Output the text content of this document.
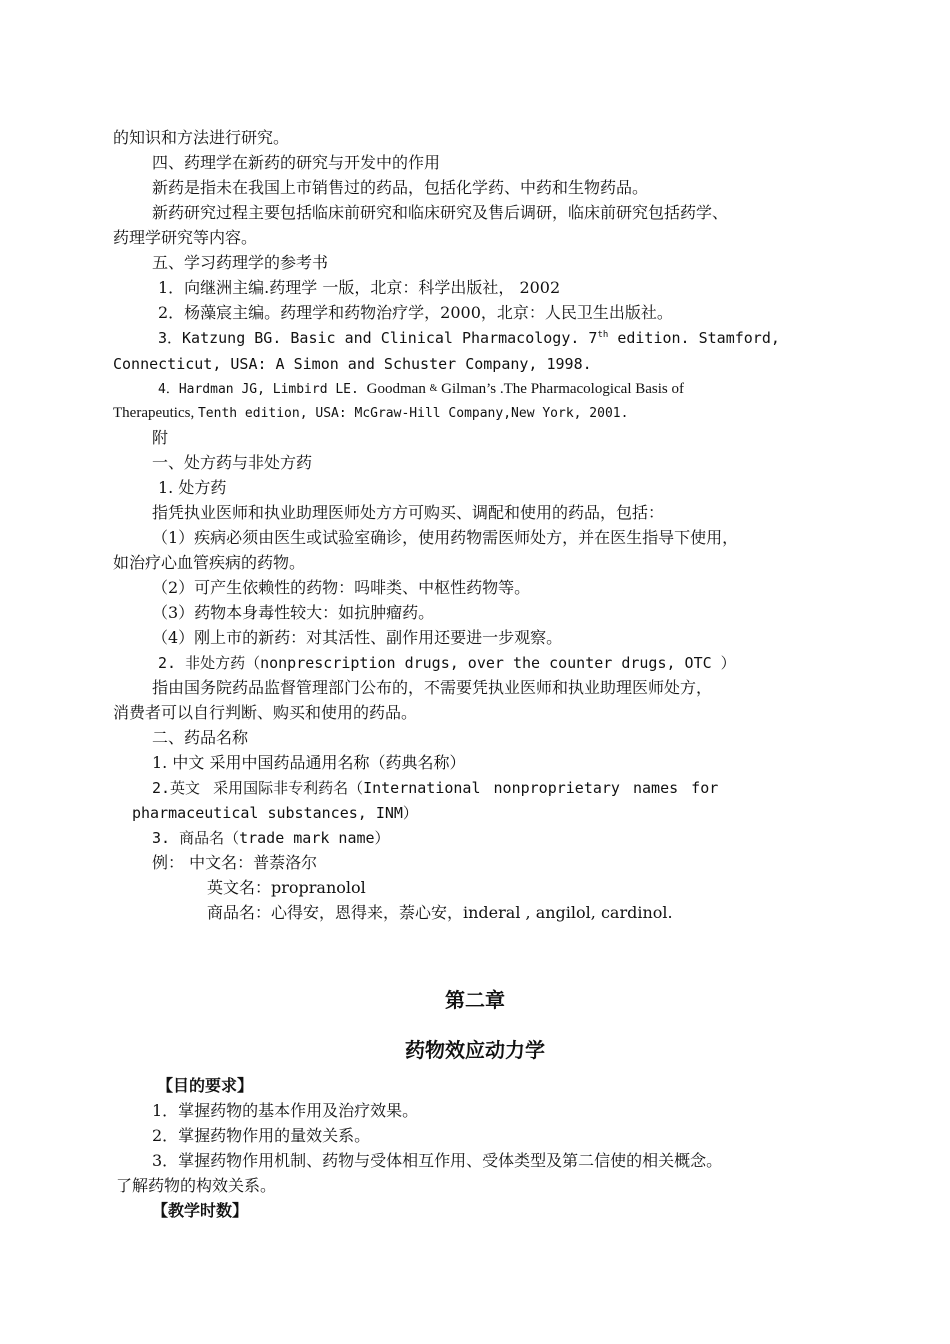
的知识和方法进行研究。
四、药理学在新药的研究与开发中的作用
新药是指未在我国上市销售过的药品，包括化学药、中药和生物药品。
新药研究过程主要包括临床前研究和临床研究及售后调研，临床前研究包括药学、
药理学研究等内容。
五、学习药理学的参考书
1．向继洲主编.药理学 一版，北京：科学出版社， 2002
2．杨藻宸主编。药理学和药物治疗学，2000，北京：人民卫生出版社。
3．Katzung BG. Basic and Clinical Pharmacology. 7th edition. Stamford,
Connecticut, USA: A Simon and Schuster Company, 1998.
4．Hardman JG, Limbird LE. Goodman & Gilman’s .The Pharmacological Basis of
Therapeutics, Tenth edition, USA: McGraw-Hill Company,New York, 2001.
附
一、处方药与非处方药
1. 处方药
指凭执业医师和执业助理医师处方方可购买、调配和使用的药品，包括：
（1）疾病必须由医生或试验室确诊，使用药物需医师处方，并在医生指导下使用，
如治疗心血管疾病的药物。
（2）可产生依赖性的药物：吗啡类、中枢性药物等。
（3）药物本身毒性较大：如抗肿瘤药。
（4）刚上市的新药：对其活性、副作用还要进一步观察。
2. 非处方药（nonprescription drugs, over the counter drugs, OTC ）
指由国务院药品监督管理部门公布的，不需要凭执业医师和执业助理医师处方，
消费者可以自行判断、购买和使用的药品。
二、药品名称
1. 中文 采用中国药品通用名称（药典名称）
2.英文 采用国际非专利药名（International nonproprietary names for
pharmaceutical substances, INM）
3. 商品名（trade mark name）
例： 中文名：普萘洛尔
英文名：propranolol
商品名：心得安，恩得来，萘心安，inderal , angilol, cardinol.
第二章
药物效应动力学
【目的要求】
1．掌握药物的基本作用及治疗效果。
2．掌握药物作用的量效关系。
3．掌握药物作用机制、药物与受体相互作用、受体类型及第二信使的相关概念。
了解药物的构效关系。
【教学时数】
